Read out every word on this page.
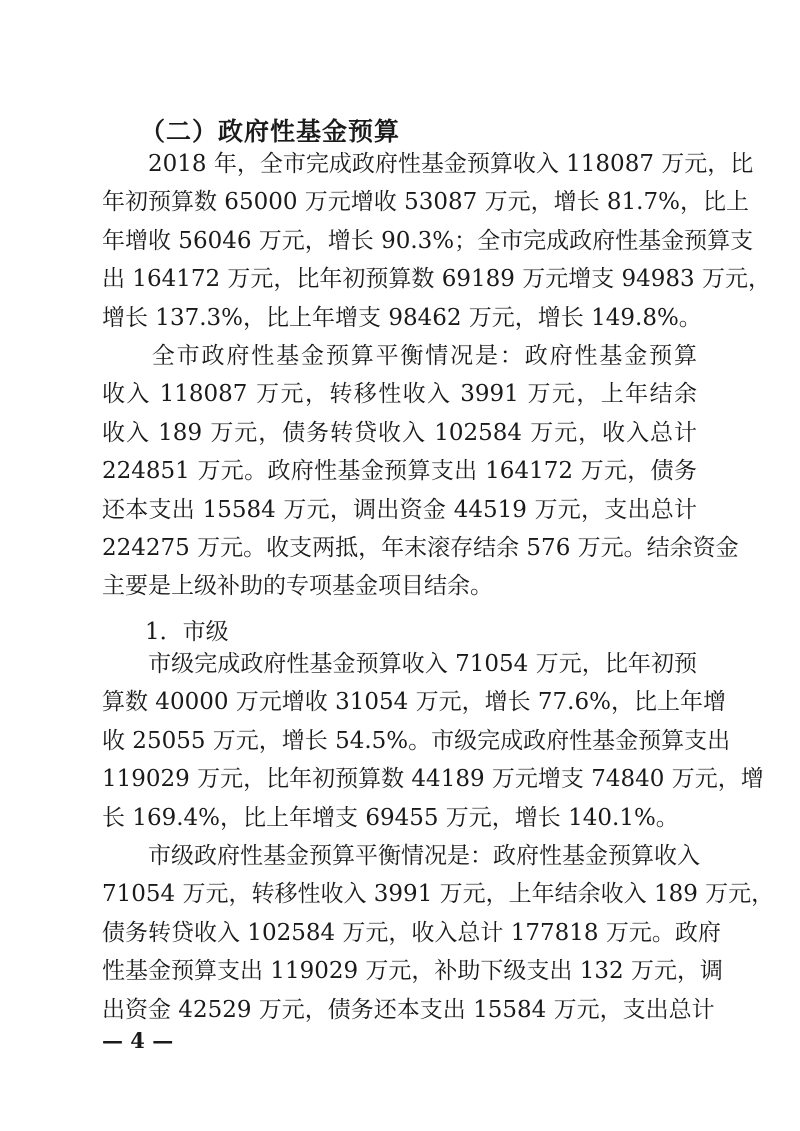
（二）政府性基金预算
　　2018 年，全市完成政府性基金预算收入 118087 万元，比
年初预算数 65000 万元增收 53087 万元，增长 81.7%，比上
年增收 56046 万元，增长 90.3%；全市完成政府性基金预算支
出 164172 万元，比年初预算数 69189 万元增支 94983 万元，
增长 137.3%，比上年增支 98462 万元，增长 149.8%。
　　全市政府性基金预算平衡情况是：政府性基金预算
收入 118087 万元，转移性收入 3991 万元，上年结余
收入 189 万元，债务转贷收入 102584 万元，收入总计
224851 万元。政府性基金预算支出 164172 万元，债务
还本支出 15584 万元，调出资金 44519 万元，支出总计
224275 万元。收支两抵，年末滚存结余 576 万元。结余资金
主要是上级补助的专项基金项目结余。
1．市级
　　市级完成政府性基金预算收入 71054 万元，比年初预
算数 40000 万元增收 31054 万元，增长 77.6%，比上年增
收 25055 万元，增长 54.5%。市级完成政府性基金预算支出
119029 万元，比年初预算数 44189 万元增支 74840 万元，增
长 169.4%，比上年增支 69455 万元，增长 140.1%。
　　市级政府性基金预算平衡情况是：政府性基金预算收入
71054 万元，转移性收入 3991 万元，上年结余收入 189 万元，
债务转贷收入 102584 万元，收入总计 177818 万元。政府
性基金预算支出 119029 万元，补助下级支出 132 万元，调
出资金 42529 万元，债务还本支出 15584 万元，支出总计
— 4 —
